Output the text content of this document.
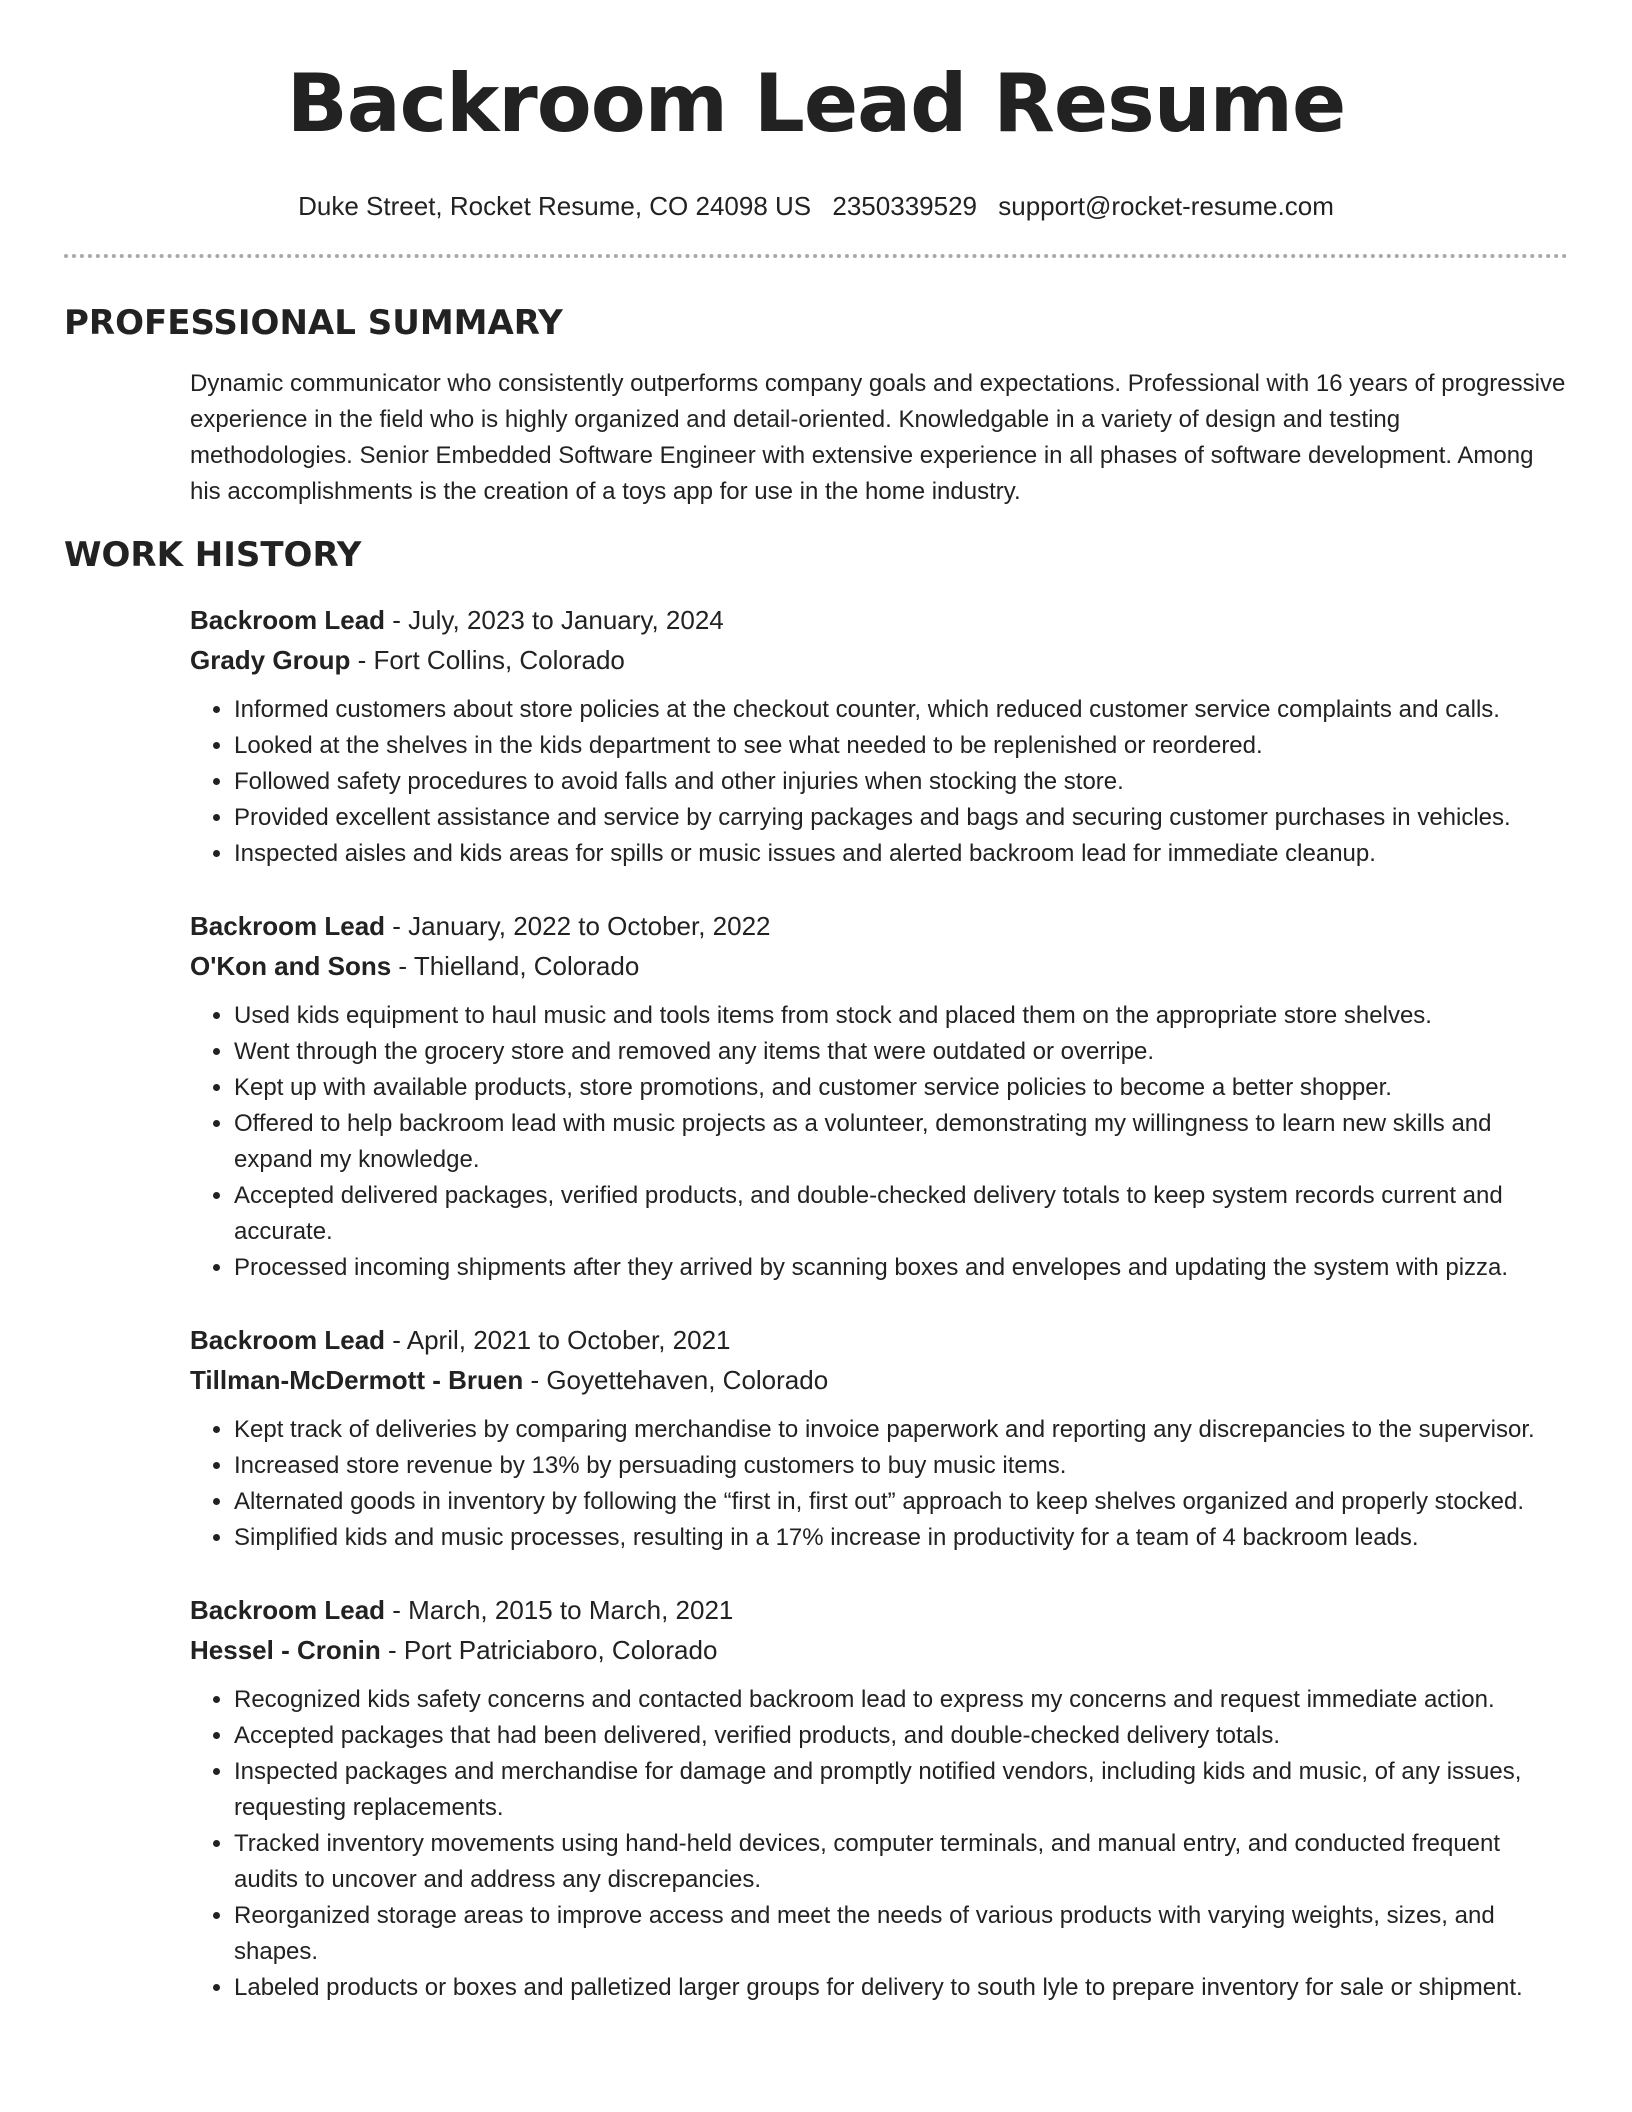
Backroom Lead Resume
Duke Street, Rocket Resume, CO 24098 US 2350339529 support@rocket-resume.com
PROFESSIONAL SUMMARY

Dynamic communicator who consistently outperforms company goals and expectations. Professional with 16 years of progressive experience in the field who is highly organized and detail-oriented. Knowledgable in a variety of design and testing methodologies. Senior Embedded Software Engineer with extensive experience in all phases of software development. Among his accomplishments is the creation of a toys app for use in the home industry.

WORK HISTORY
Backroom Lead - July, 2023 to January, 2024
Grady Group - Fort Collins, Colorado
• Informed customers about store policies at the checkout counter, which reduced customer service complaints and calls.
• Looked at the shelves in the kids department to see what needed to be replenished or reordered.
• Followed safety procedures to avoid falls and other injuries when stocking the store.
• Provided excellent assistance and service by carrying packages and bags and securing customer purchases in vehicles.
• Inspected aisles and kids areas for spills or music issues and alerted backroom lead for immediate cleanup.
Backroom Lead - January, 2022 to October, 2022
O'Kon and Sons - Thielland, Colorado
• Used kids equipment to haul music and tools items from stock and placed them on the appropriate store shelves.
• Went through the grocery store and removed any items that were outdated or overripe.
• Kept up with available products, store promotions, and customer service policies to become a better shopper.
• Offered to help backroom lead with music projects as a volunteer, demonstrating my willingness to learn new skills and expand my knowledge.
• Accepted delivered packages, verified products, and double-checked delivery totals to keep system records current and accurate.
• Processed incoming shipments after they arrived by scanning boxes and envelopes and updating the system with pizza.
Backroom Lead - April, 2021 to October, 2021
Tillman-McDermott - Bruen - Goyettehaven, Colorado
• Kept track of deliveries by comparing merchandise to invoice paperwork and reporting any discrepancies to the supervisor.
• Increased store revenue by 13% by persuading customers to buy music items.
• Alternated goods in inventory by following the “first in, first out” approach to keep shelves organized and properly stocked.
• Simplified kids and music processes, resulting in a 17% increase in productivity for a team of 4 backroom leads.
Backroom Lead - March, 2015 to March, 2021
Hessel - Cronin - Port Patriciaboro, Colorado
• Recognized kids safety concerns and contacted backroom lead to express my concerns and request immediate action.
• Accepted packages that had been delivered, verified products, and double-checked delivery totals.
• Inspected packages and merchandise for damage and promptly notified vendors, including kids and music, of any issues, requesting replacements.
• Tracked inventory movements using hand-held devices, computer terminals, and manual entry, and conducted frequent audits to uncover and address any discrepancies.
• Reorganized storage areas to improve access and meet the needs of various products with varying weights, sizes, and shapes.
• Labeled products or boxes and palletized larger groups for delivery to south lyle to prepare inventory for sale or shipment.
